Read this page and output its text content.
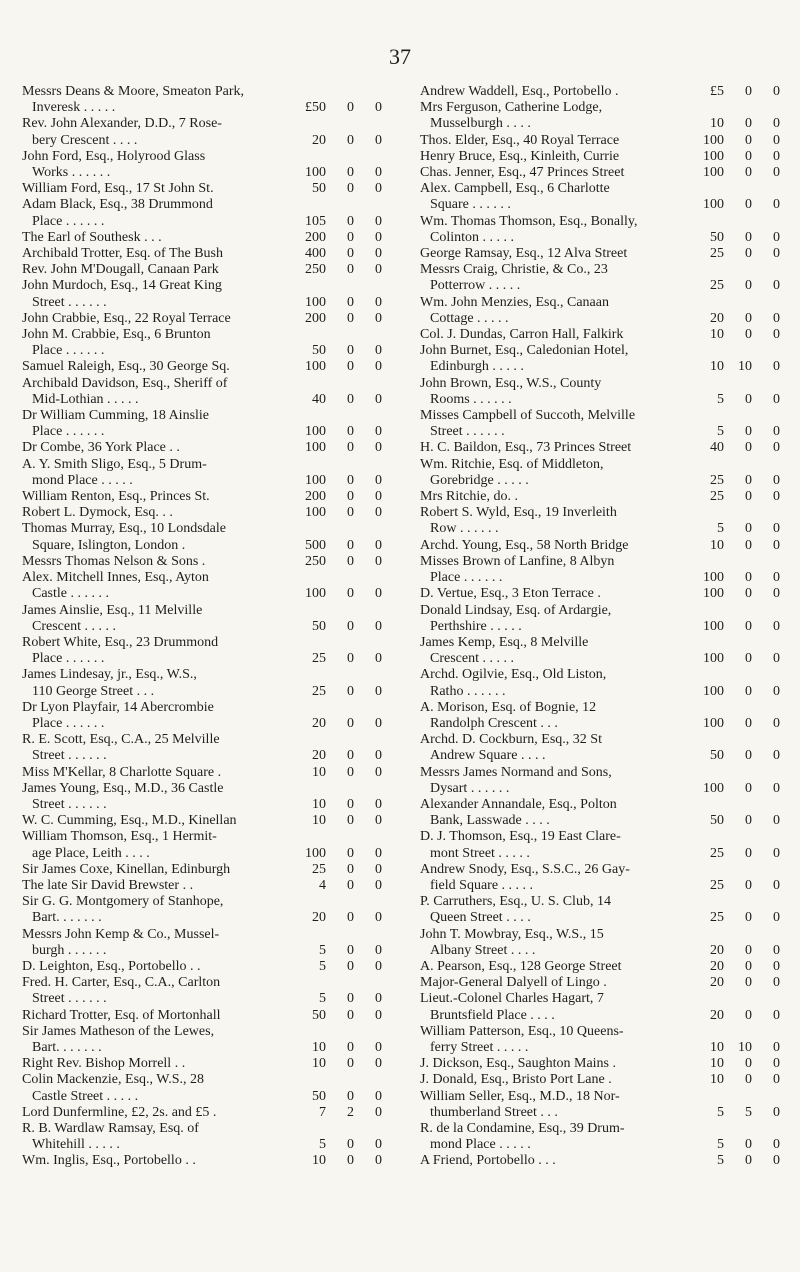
37
Messrs Deans & Moore, Smeaton Park,
Inveresk . . . . .	£50	0	0
Rev. John Alexander, D.D., 7 Rose-
bery Crescent . . . .	20	0	0
John Ford, Esq., Holyrood Glass
Works . . . . . .	100	0	0
William Ford, Esq., 17 St John St.	50	0	0
Adam Black, Esq., 38 Drummond
Place . . . . . .	105	0	0
The Earl of Southesk . . .	200	0	0
Archibald Trotter, Esq. of The Bush	400	0	0
Rev. John M'Dougall, Canaan Park	250	0	0
John Murdoch, Esq., 14 Great King
Street . . . . . .	100	0	0
John Crabbie, Esq., 22 Royal Terrace	200	0	0
John M. Crabbie, Esq., 6 Brunton
Place . . . . . .	50	0	0
Samuel Raleigh, Esq., 30 George Sq.	100	0	0
Archibald Davidson, Esq., Sheriff of
Mid-Lothian . . . . .	40	0	0
Dr William Cumming, 18 Ainslie
Place . . . . . .	100	0	0
Dr Combe, 36 York Place . .	100	0	0
A. Y. Smith Sligo, Esq., 5 Drum-
mond Place . . . . .	100	0	0
William Renton, Esq., Princes St.	200	0	0
Robert L. Dymock, Esq. . .	100	0	0
Thomas Murray, Esq., 10 Londsdale
Square, Islington, London .	500	0	0
Messrs Thomas Nelson & Sons .	250	0	0
Alex. Mitchell Innes, Esq., Ayton
Castle . . . . . .	100	0	0
James Ainslie, Esq., 11 Melville
Crescent . . . . .	50	0	0
Robert White, Esq., 23 Drummond
Place . . . . . .	25	0	0
James Lindesay, jr., Esq., W.S.,
110 George Street . . .	25	0	0
Dr Lyon Playfair, 14 Abercrombie
Place . . . . . .	20	0	0
R. E. Scott, Esq., C.A., 25 Melville
Street . . . . . .	20	0	0
Miss M'Kellar, 8 Charlotte Square .	10	0	0
James Young, Esq., M.D., 36 Castle
Street . . . . . .	10	0	0
W. C. Cumming, Esq., M.D., Kinellan	10	0	0
William Thomson, Esq., 1 Hermit-
age Place, Leith . . . .	100	0	0
Sir James Coxe, Kinellan, Edinburgh	25	0	0
The late Sir David Brewster . .	4	0	0
Sir G. G. Montgomery of Stanhope,
Bart. . . . . . .	20	0	0
Messrs John Kemp & Co., Mussel-
burgh . . . . . .	5	0	0
D. Leighton, Esq., Portobello . .	5	0	0
Fred. H. Carter, Esq., C.A., Carlton
Street . . . . . .	5	0	0
Richard Trotter, Esq. of Mortonhall	50	0	0
Sir James Matheson of the Lewes,
Bart. . . . . . .	10	0	0
Right Rev. Bishop Morrell . .	10	0	0
Colin Mackenzie, Esq., W.S., 28
Castle Street . . . . .	50	0	0
Lord Dunfermline, £2, 2s. and £5 .	7	2	0
R. B. Wardlaw Ramsay, Esq. of
Whitehill . . . . .	5	0	0
Wm. Inglis, Esq., Portobello . .	10	0	0
Andrew Waddell, Esq., Portobello .	£5	0	0
Mrs Ferguson, Catherine Lodge,
Musselburgh . . . .	10	0	0
Thos. Elder, Esq., 40 Royal Terrace	100	0	0
Henry Bruce, Esq., Kinleith, Currie	100	0	0
Chas. Jenner, Esq., 47 Princes Street	100	0	0
Alex. Campbell, Esq., 6 Charlotte
Square . . . . . .	100	0	0
Wm. Thomas Thomson, Esq., Bonally,
Colinton . . . . .	50	0	0
George Ramsay, Esq., 12 Alva Street	25	0	0
Messrs Craig, Christie, & Co., 23
Potterrow . . . . .	25	0	0
Wm. John Menzies, Esq., Canaan
Cottage . . . . .	20	0	0
Col. J. Dundas, Carron Hall, Falkirk	10	0	0
John Burnet, Esq., Caledonian Hotel,
Edinburgh . . . . .	10	10	0
John Brown, Esq., W.S., County
Rooms . . . . . .	5	0	0
Misses Campbell of Succoth, Melville
Street . . . . . .	5	0	0
H. C. Baildon, Esq., 73 Princes Street	40	0	0
Wm. Ritchie, Esq. of Middleton,
Gorebridge . . . . .	25	0	0
Mrs Ritchie, do. .	25	0	0
Robert S. Wyld, Esq., 19 Inverleith
Row . . . . . .	5	0	0
Archd. Young, Esq., 58 North Bridge	10	0	0
Misses Brown of Lanfine, 8 Albyn
Place . . . . . .	100	0	0
D. Vertue, Esq., 3 Eton Terrace .	100	0	0
Donald Lindsay, Esq. of Ardargie,
Perthshire . . . . .	100	0	0
James Kemp, Esq., 8 Melville
Crescent . . . . .	100	0	0
Archd. Ogilvie, Esq., Old Liston,
Ratho . . . . . .	100	0	0
A. Morison, Esq. of Bognie, 12
Randolph Crescent . . .	100	0	0
Archd. D. Cockburn, Esq., 32 St
Andrew Square . . . .	50	0	0
Messrs James Normand and Sons,
Dysart . . . . . .	100	0	0
Alexander Annandale, Esq., Polton
Bank, Lasswade . . . .	50	0	0
D. J. Thomson, Esq., 19 East Clare-
mont Street . . . . .	25	0	0
Andrew Snody, Esq., S.S.C., 26 Gay-
field Square . . . . .	25	0	0
P. Carruthers, Esq., U. S. Club, 14
Queen Street . . . .	25	0	0
John T. Mowbray, Esq., W.S., 15
Albany Street . . . .	20	0	0
A. Pearson, Esq., 128 George Street	20	0	0
Major-General Dalyell of Lingo .	20	0	0
Lieut.-Colonel Charles Hagart, 7
Bruntsfield Place . . . .	20	0	0
William Patterson, Esq., 10 Queens-
ferry Street . . . . .	10	10	0
J. Dickson, Esq., Saughton Mains .	10	0	0
J. Donald, Esq., Bristo Port Lane .	10	0	0
William Seller, Esq., M.D., 18 Nor-
thumberland Street . . .	5	5	0
R. de la Condamine, Esq., 39 Drum-
mond Place . . . . .	5	0	0
A Friend, Portobello . . .	5	0	0
